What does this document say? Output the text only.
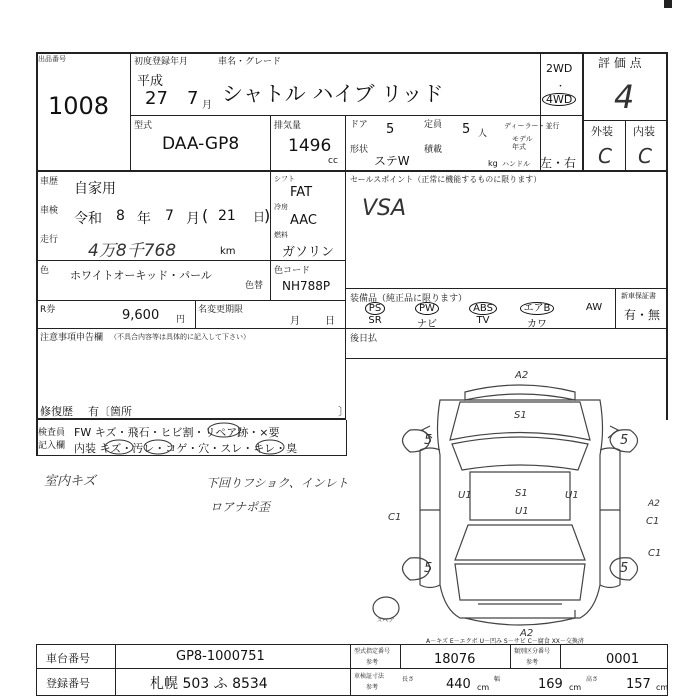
出品番号
1008
初度登録年月
平成
27 7 月
車名・グレード
シャトル ハイブ リッド
2WD
・
4WD
評 価 点
4
型式
DAA-GP8
排気量
1496
cc
ドア 5	定員 5 人
ディーラー・並行
モデル
年式
形状
ステW
積載
kg ハンドル 左・右
外装 内装
C C
車歴 自家用
車検 令和 8 年 7 月 ( 21 日
)
走行
4万8千768	km
シフト
FAT
冷房
AAC
燃料
ガソリン
セールスポイント（正常に機能するものに限ります）
VSA
色 ホワイトオーキッド・パール
色替
色コード
NH788P
R券	9,600 円
名変更期限
月	日
装備品（純正品に限ります）
PS
SR
PW
ナビ
ABS
TV
エアB
カワ
AW
新車保証書
有・無
注意事項申告欄 （不具合内容等は具体的に記入して下さい）	後日払
修復歴 有〔箇所	〕
検査員
記入欄
FW キズ・飛石・ヒビ割・リペア跡・×要
内装 キズ・汚レ・コゲ・穴・スレ・キレ・臭
室内キズ	下回りフショク、インレト
ロアナポ歪
A2
S1
5	5
U1	S1
U1
U1
A2
C1	C1
C1
5	5
スペア
A2
A－キズ E－エクボ U－凹み S－サビ C－腐食 XX－交換済
車台番号	GP8-1000751
登録番号	札幌 503 ふ 8534
型式指定番号
参考	18076
類別区分番号
参考	0001
車検証寸法
参考
長さ 440 cm
幅	169 cm
高さ 157 cm
